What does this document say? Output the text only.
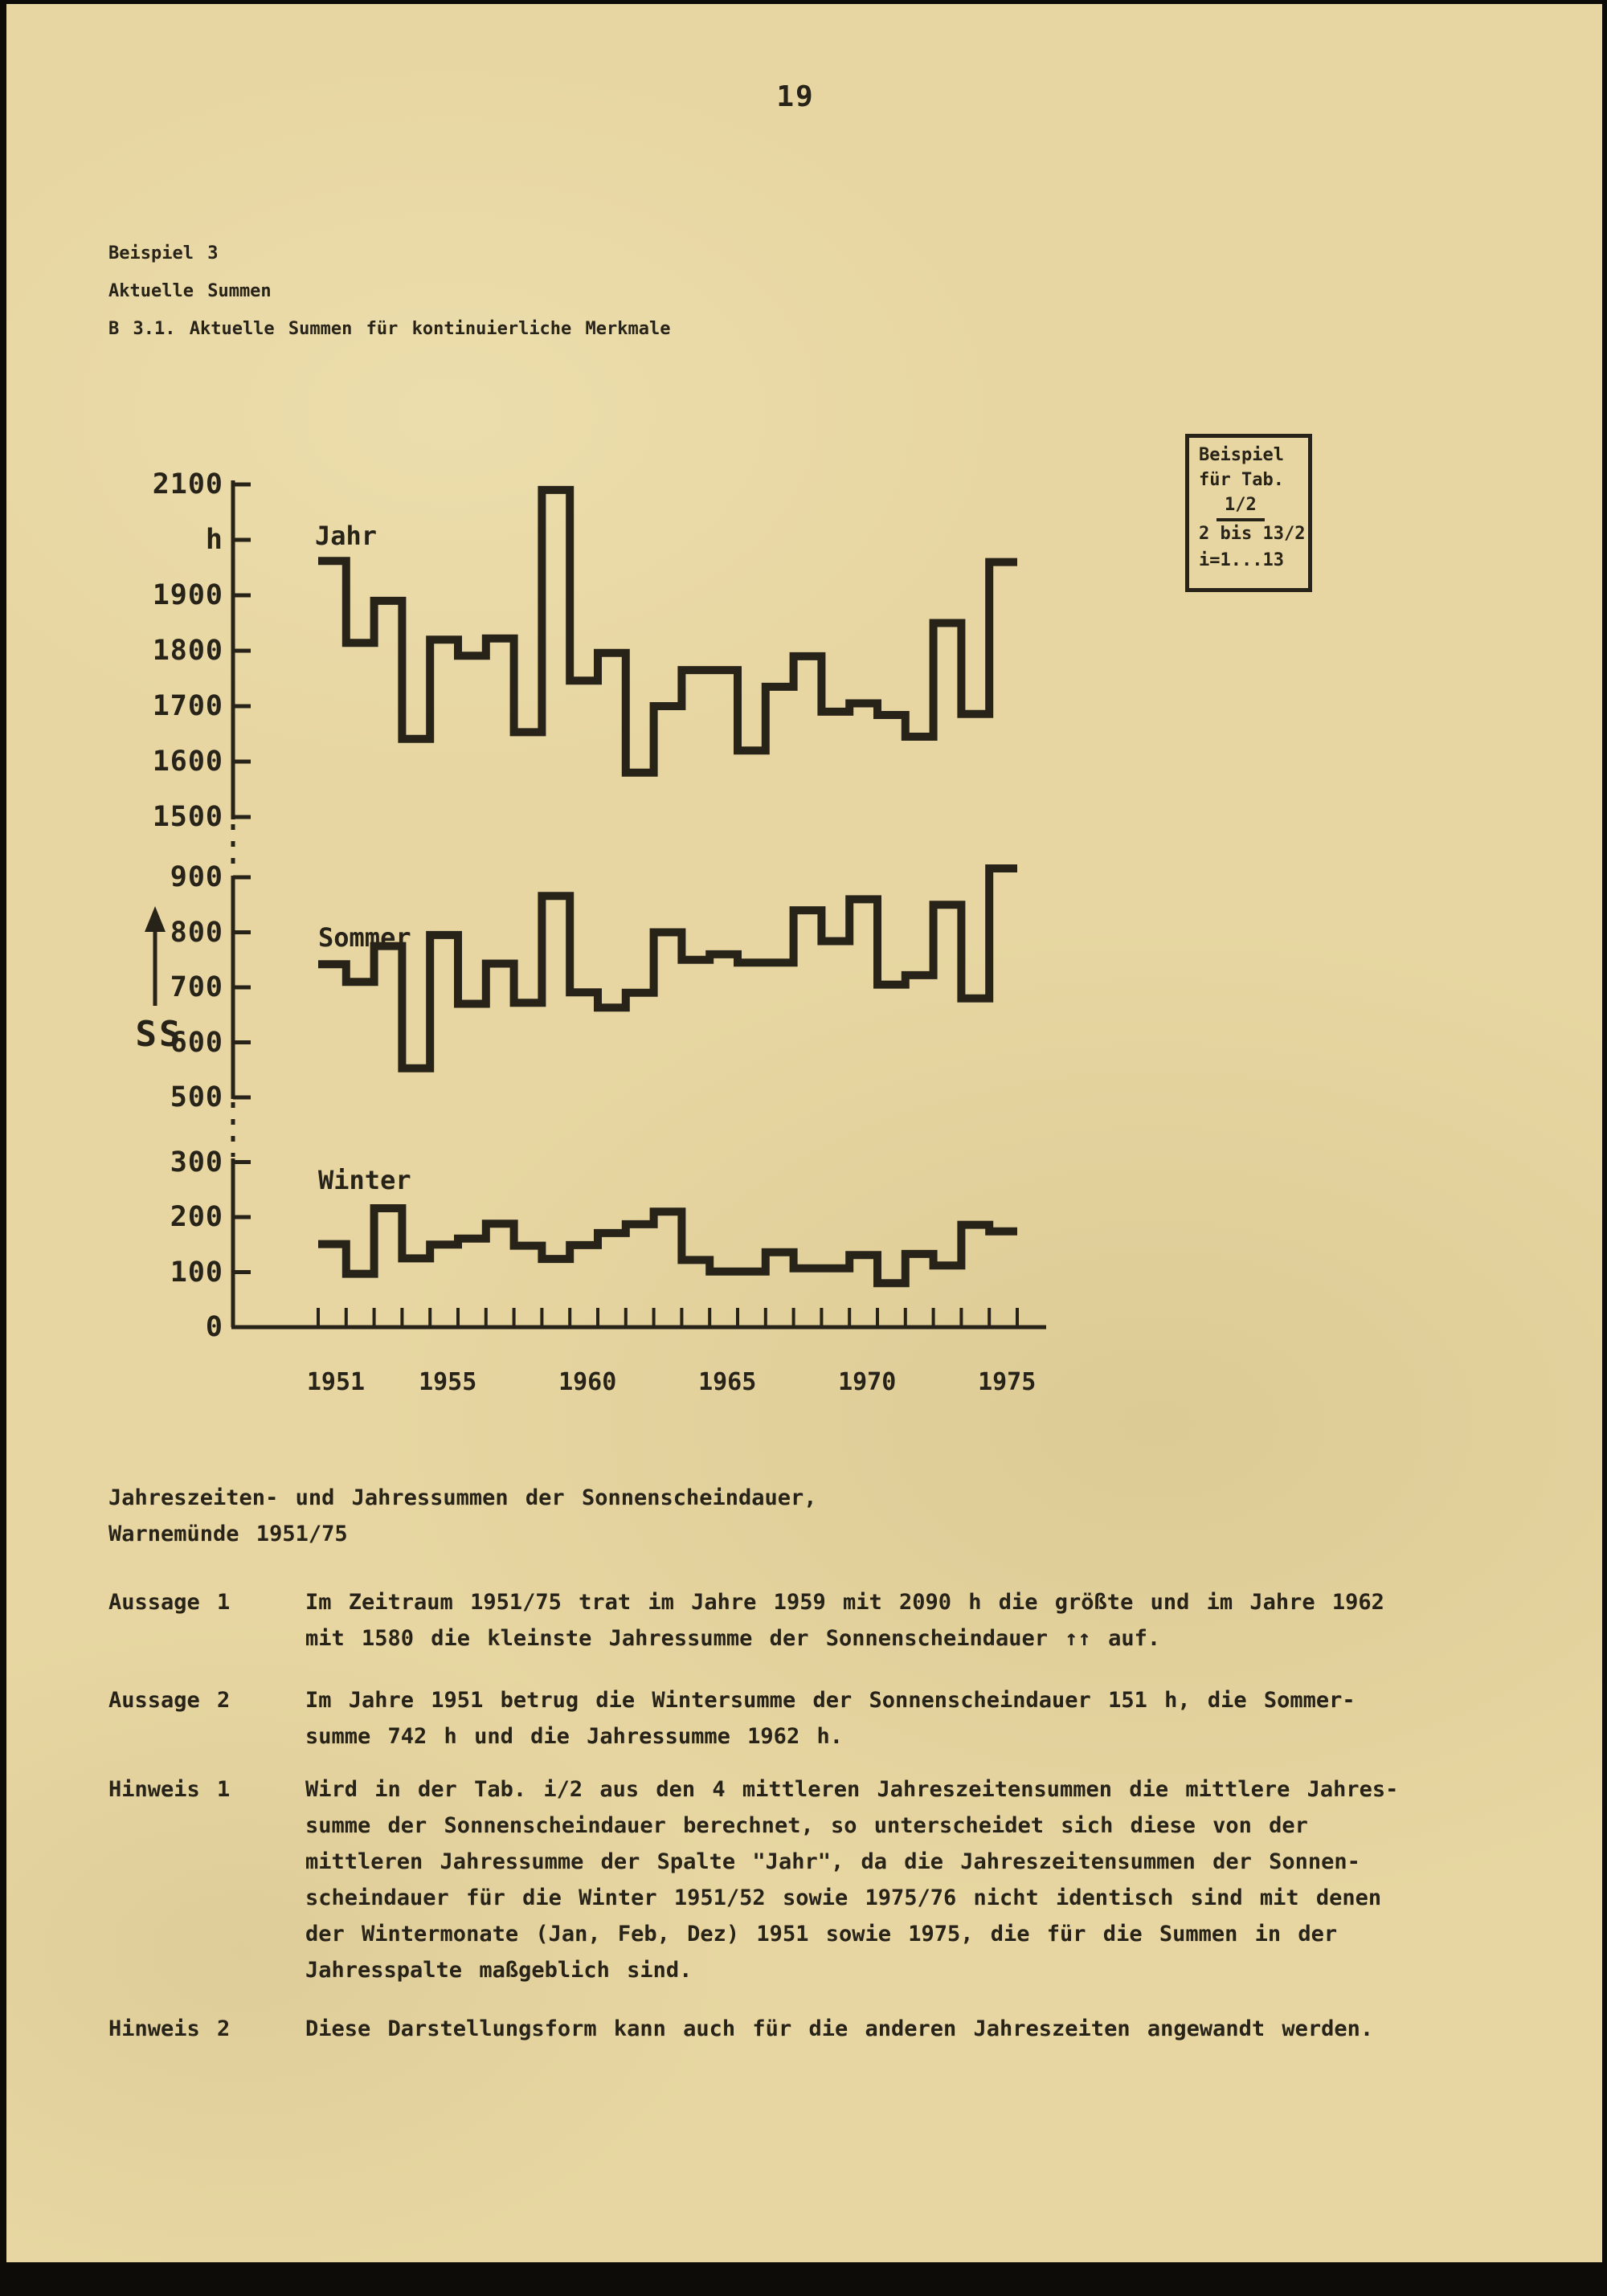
19
Beispiel 3
Aktuelle Summen
B 3.1. Aktuelle Summen für kontinuierliche Merkmale
2100
h
1900
1800
1700
1600
1500
900
800
700
600
500
300
200
100
0
1951	1955	1960	1965	1970	1975
Jahr
Sommer
Winter
SS
Beispiel
für Tab.
1/2
2 bis 13/2
i=1...13
Jahreszeiten- und Jahressummen der Sonnenscheindauer,
Warnemünde 1951/75
Aussage 1	Im Zeitraum 1951/75 trat im Jahre 1959 mit 2090 h die größte und im Jahre 1962
mit 1580 die kleinste Jahressumme der Sonnenscheindauer ↑↑ auf.
Aussage 2	Im Jahre 1951 betrug die Wintersumme der Sonnenscheindauer 151 h, die Sommer-
summe 742 h und die Jahressumme 1962 h.
Hinweis 1	Wird in der Tab. i/2 aus den 4 mittleren Jahreszeitensummen die mittlere Jahres-
summe der Sonnenscheindauer berechnet, so unterscheidet sich diese von der
mittleren Jahressumme der Spalte "Jahr", da die Jahreszeitensummen der Sonnen-
scheindauer für die Winter 1951/52 sowie 1975/76 nicht identisch sind mit denen
der Wintermonate (Jan, Feb, Dez) 1951 sowie 1975, die für die Summen in der
Jahresspalte maßgeblich sind.
Hinweis 2	Diese Darstellungsform kann auch für die anderen Jahreszeiten angewandt werden.
